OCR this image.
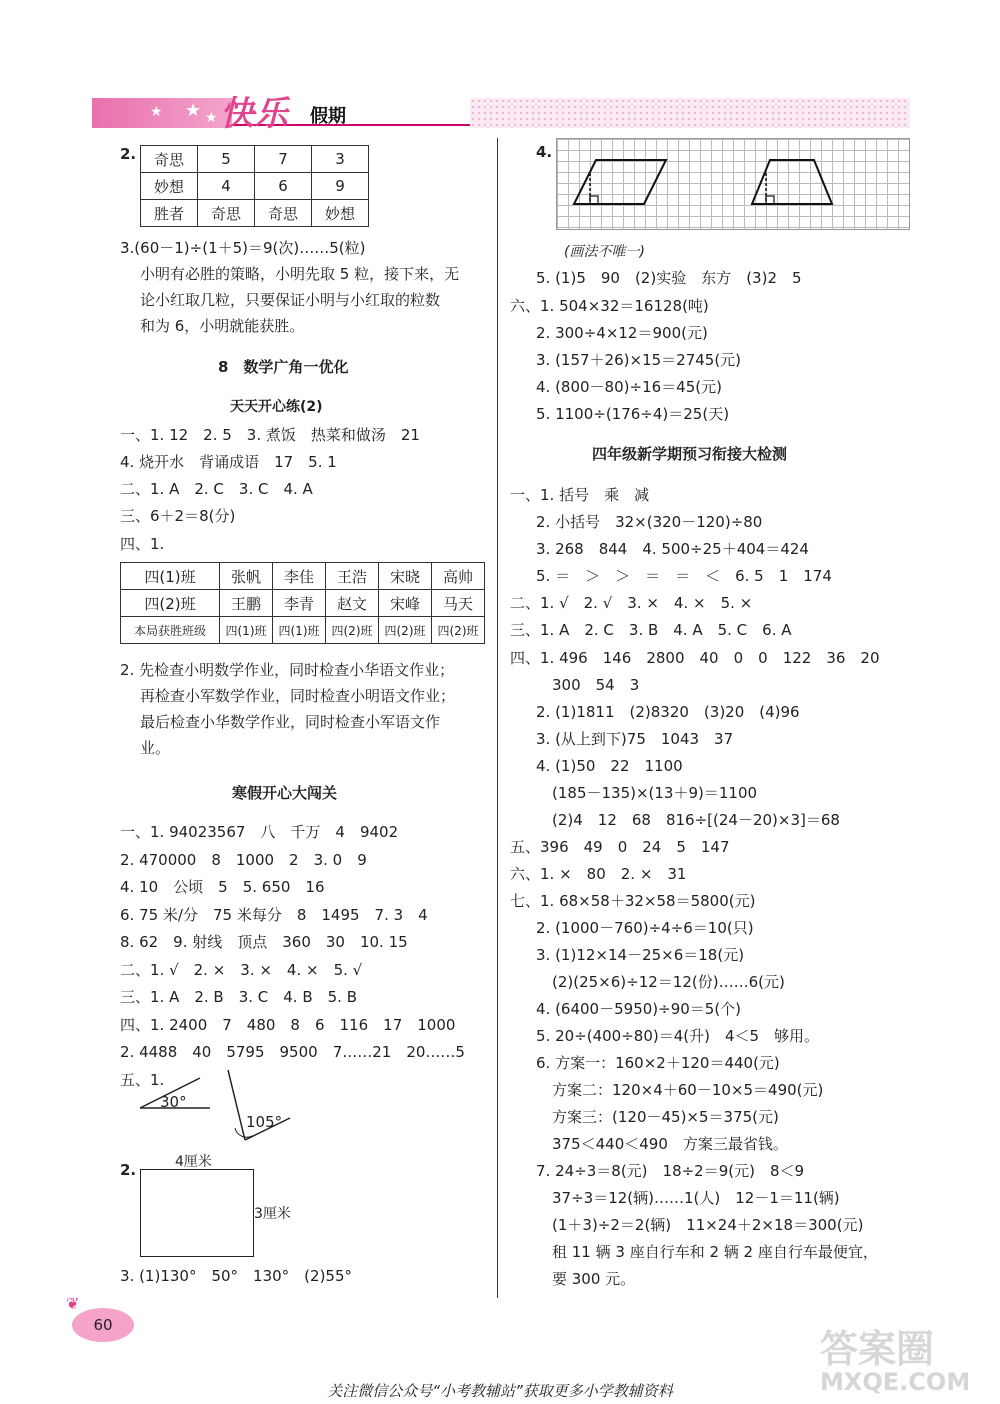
★ ★ ★ 快乐 假期
2. 奇思	5	7	3
妙想	4	6	9
胜者	奇思	奇思	妙想
3.(60－1)÷(1＋5)＝9(次)……5(粒)
小明有必胜的策略，小明先取 5 粒，接下来，无
论小红取几粒，只要保证小明与小红取的粒数
和为 6，小明就能获胜。
8　数学广角一优化
天天开心练(2)
一、1. 12　2. 5　3. 煮饭　热菜和做汤　21
4. 烧开水　背诵成语　17　5. 1
二、1. A　2. C　3. C　4. A
三、6＋2＝8(分)
四、1.
四(1)班	张帆	李佳	王浩	宋晓	高帅
四(2)班	王鹏	李青	赵文	宋峰	马天
本局获胜班级	四(1)班	四(1)班	四(2)班	四(2)班	四(2)班
2. 先检查小明数学作业，同时检查小华语文作业；
再检查小军数学作业，同时检查小明语文作业；
最后检查小华数学作业，同时检查小军语文作
业。
寒假开心大闯关
一、1. 94023567　八　千万　4　9402
2. 470000　8　1000　2　3. 0　9
4. 10　公顷　5　5. 650　16
6. 75 米/分　75 米每分　8　1495　7. 3　4
8. 62　9. 射线　顶点　360　30　10. 15
二、1. √　2. ×　3. ×　4. ×　5. √
三、1. A　2. B　3. C　4. B　5. B
四、1. 2400　7　480　8　6　116　17　1000
2. 4488　40　5795　9500　7……21　20……5
五、1.
30°
105°
2.	4厘米
3厘米
3. (1)130°　50°　130°　(2)55°
4.
(画法不唯一)
5. (1)5　90　(2)实验　东方　(3)2　5
六、1. 504×32＝16128(吨)
2. 300÷4×12＝900(元)
3. (157＋26)×15＝2745(元)
4. (800－80)÷16＝45(元)
5. 1100÷(176÷4)＝25(天)
四年级新学期预习衔接大检测
一、1. 括号　乘　减
2. 小括号　32×(320－120)÷80
3. 268　844　4. 500÷25＋404＝424
5. ＝　＞　＞　＝　＝　＜　6. 5　1　174
二、1. √　2. √　3. ×　4. ×　5. ×
三、1. A　2. C　3. B　4. A　5. C　6. A
四、1. 496　146　2800　40　0　0　122　36　20
300　54　3
2. (1)1811　(2)8320　(3)20　(4)96
3. (从上到下)75　1043　37
4. (1)50　22　1100
(185－135)×(13＋9)＝1100
(2)4　12　68　816÷[(24－20)×3]＝68
五、396　49　0　24　5　147
六、1. ×　80　2. ×　31
七、1. 68×58＋32×58＝5800(元)
2. (1000－760)÷4÷6＝10(只)
3. (1)12×14－25×6＝18(元)
(2)(25×6)÷12＝12(份)……6(元)
4. (6400－5950)÷90＝5(个)
5. 20÷(400÷80)＝4(升)　4＜5　够用。
6. 方案一：160×2＋120＝440(元)
方案二：120×4＋60－10×5＝490(元)
方案三：(120－45)×5＝375(元)
375＜440＜490　方案三最省钱。
7. 24÷3＝8(元)　18÷2＝9(元)　8＜9
37÷3＝12(辆)……1(人)　12－1＝11(辆)
(1＋3)÷2＝2(辆)　11×24＋2×18＝300(元)
租 11 辆 3 座自行车和 2 辆 2 座自行车最便宜，
要 300 元。
❦
60
答案圈
MXQE.COM
关注微信公众号“小考教辅站”获取更多小学教辅资料
